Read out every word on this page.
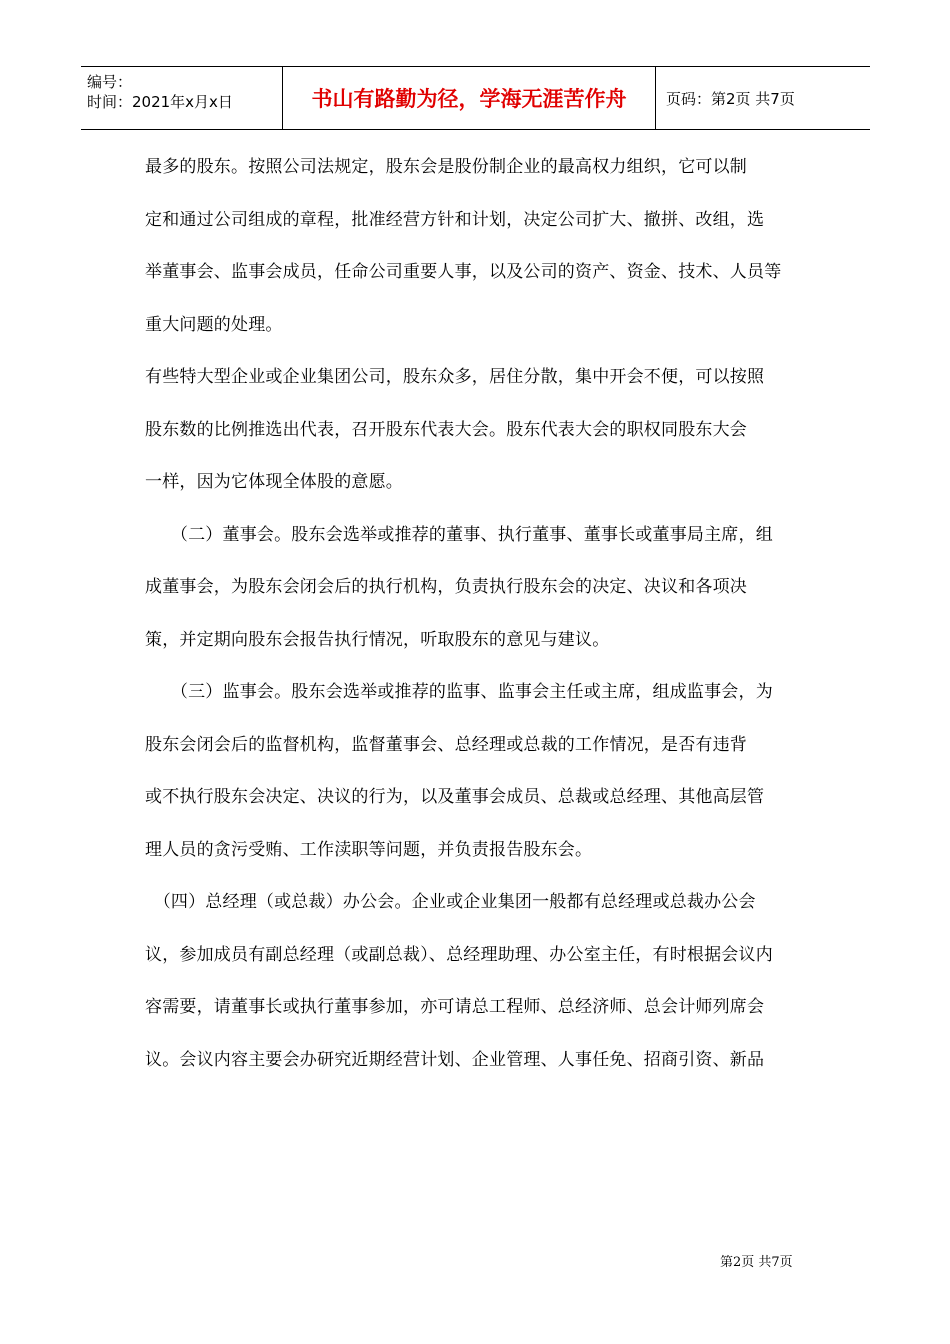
编号：
时间：2021年x月x日	书山有路勤为径，学海无涯苦作舟	页码：第2页 共7页
最多的股东。按照公司法规定，股东会是股份制企业的最高权力组织，它可以制
定和通过公司组成的章程，批准经营方针和计划，决定公司扩大、撤拼、改组，选
举董事会、监事会成员，任命公司重要人事，以及公司的资产、资金、技术、人员等
重大问题的处理。
有些特大型企业或企业集团公司，股东众多，居住分散，集中开会不便，可以按照
股东数的比例推选出代表，召开股东代表大会。股东代表大会的职权同股东大会
一样，因为它体现全体股的意愿。
　　（二）董事会。股东会选举或推荐的董事、执行董事、董事长或董事局主席，组
成董事会，为股东会闭会后的执行机构，负责执行股东会的决定、决议和各项决
策，并定期向股东会报告执行情况，听取股东的意见与建议。
　　（三）监事会。股东会选举或推荐的监事、监事会主任或主席，组成监事会，为
股东会闭会后的监督机构，监督董事会、总经理或总裁的工作情况，是否有违背
或不执行股东会决定、决议的行为，以及董事会成员、总裁或总经理、其他高层管
理人员的贪污受贿、工作渎职等问题，并负责报告股东会。
　（四）总经理（或总裁）办公会。企业或企业集团一般都有总经理或总裁办公会
议，参加成员有副总经理（或副总裁）、总经理助理、办公室主任，有时根据会议内
容需要，请董事长或执行董事参加，亦可请总工程师、总经济师、总会计师列席会
议。会议内容主要会办研究近期经营计划、企业管理、人事任免、招商引资、新品
第2页 共7页
